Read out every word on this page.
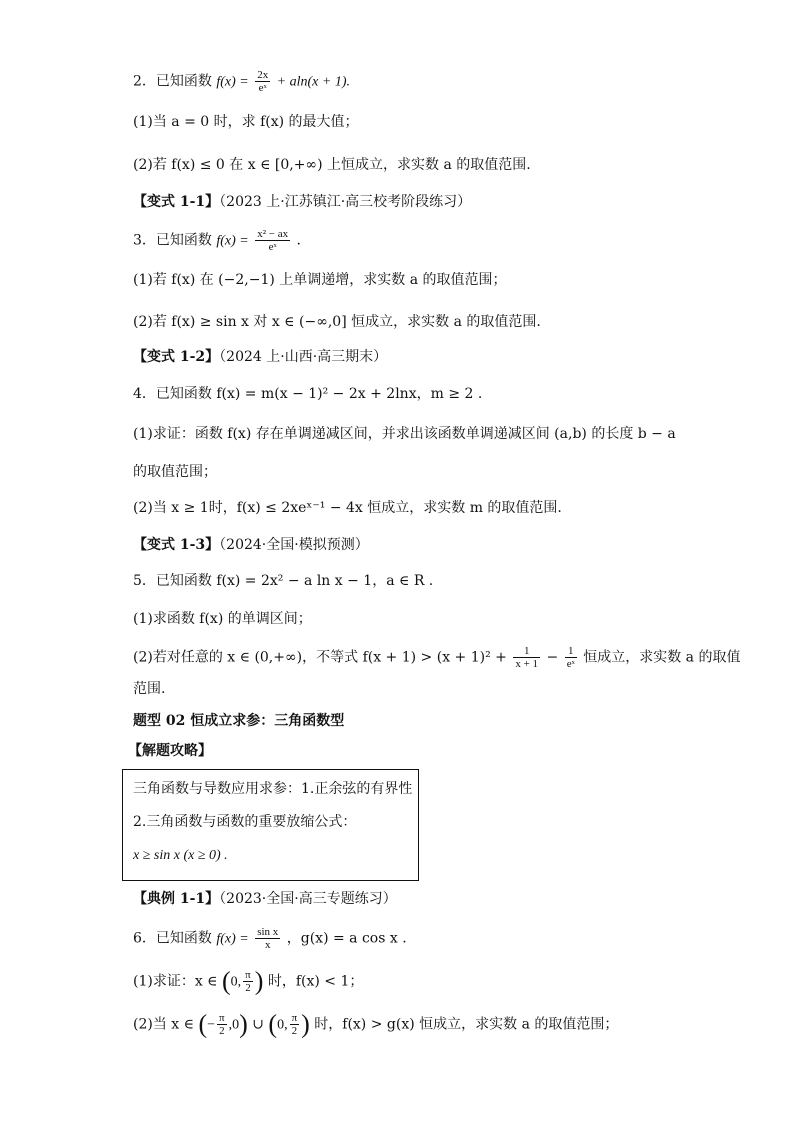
2．已知函数 $f(x) = \frac{2x}{\text{eˣ}} + aln(x + 1)$.
(1)当 a = 0 时，求 f(x) 的最大值；
(2)若 f(x) ≤ 0 在 x ∈ [0,+∞) 上恒成立，求实数 a 的取值范围.
【变式 1-1】（2023 上·江苏镇江·高三校考阶段练习）
3．已知函数 $f(x) = \frac{\text{x² − ax}}{\text{eˣ}}$ .
(1)若 f(x) 在 (−2,−1) 上单调递增，求实数 a 的取值范围；
(2)若 f(x) ≥ sin x 对 x ∈ (−∞,0] 恒成立，求实数 a 的取值范围.
【变式 1-2】（2024 上·山西·高三期末）
4．已知函数 f(x) = m(x − 1)² − 2x + 2lnx，m ≥ 2 .
(1)求证：函数 f(x) 存在单调递减区间，并求出该函数单调递减区间 (a,b) 的长度 b − a
的取值范围；
(2)当 x ≥ 1时，f(x) ≤ 2xeˣ⁻¹ − 4x 恒成立，求实数 m 的取值范围.
【变式 1-3】（2024·全国·模拟预测）
5．已知函数 f(x) = 2x² − a ln x − 1，a ∈ R .
(1)求函数 f(x) 的单调区间；
(2)若对任意的 x ∈ (0,+∞)，不等式 $f(x + 1) > (x + 1)^2 + \frac{1}{x + 1} - \frac{1}{\text{eˣ}}$ 恒成立，求实数 a 的取值
范围.
题型 02 恒成立求参：三角函数型
【解题攻略】
三角函数与导数应用求参：1.正余弦的有界性
2.三角函数与函数的重要放缩公式：
x ≥ sin x (x ≥ 0) .
【典例 1-1】（2023·全国·高三专题练习）
6．已知函数 $f(x) = \frac{\text{sin x}}{x}$ ，g(x) = a cos x .
(1)求证：x ∈ (0, $\frac{\pi}{2}$ ) 时，f(x) < 1；
(2)当 x ∈ (− $\frac{\pi}{2} ,0$) ∪ (0, $\frac{\pi}{2}$ ) 时，f(x) > g(x) 恒成立，求实数 a 的取值范围；
